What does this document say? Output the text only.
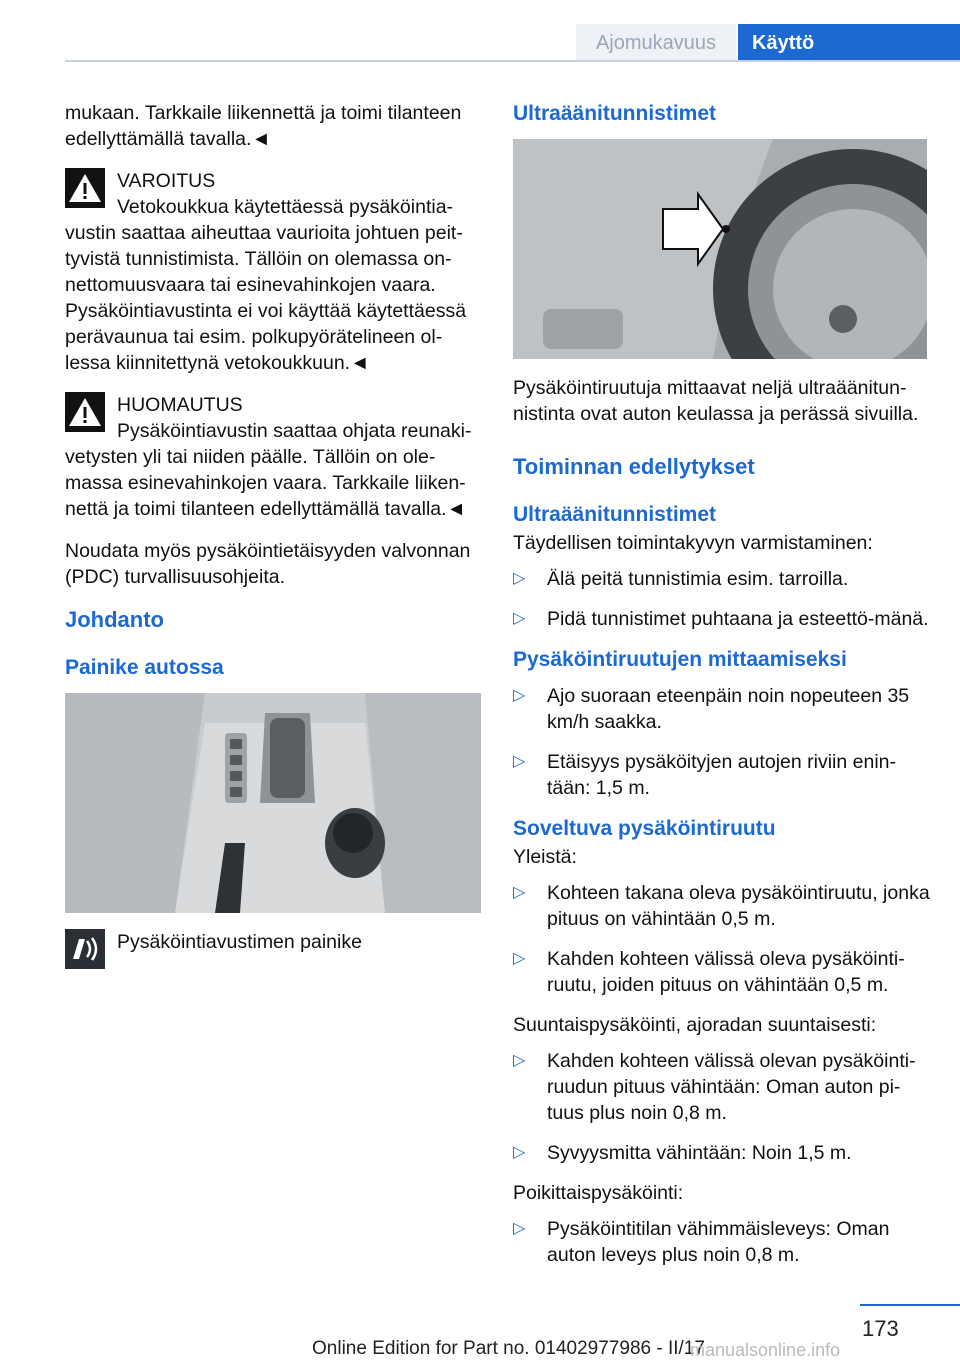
Ajomukavuus	Käyttö

mukaan. Tarkkaile liikennettä ja toimi tilanteen edellyttämällä tavalla.◄

VAROITUS
Vetokoukkua käytettäessä pysäköintia-vustin saattaa aiheuttaa vaurioita johtuen peit-tyvistä tunnistimista. Tällöin on olemassa on-nettomuusvaara tai esinevahinkojen vaara. Pysäköintiavustinta ei voi käyttää käytettäessä perävaunua tai esim. polkupyörätelineen ol-lessa kiinnitettynä vetokoukkuun.◄
HUOMAUTUS
Pysäköintiavustin saattaa ohjata reunaki-vetysten yli tai niiden päälle. Tällöin on ole-massa esinevahinkojen vaara. Tarkkaile liiken-nettä ja toimi tilanteen edellyttämällä tavalla.◄

Noudata myös pysäköintietäisyyden valvonnan (PDC) turvallisuusohjeita.

Johdanto
Painike autossa
Pysäköintiavustimen painike
Ultraäänitunnistimet

Pysäköintiruutuja mittaavat neljä ultraäänitun-nistinta ovat auton keulassa ja perässä sivuilla.

Toiminnan edellytykset
Ultraäänitunnistimet

Täydellisen toimintakyvyn varmistaminen:

▷ Älä peitä tunnistimia esim. tarroilla.
▷ Pidä tunnistimet puhtaana ja esteettö-mänä.
Pysäköintiruutujen mittaamiseksi
▷ Ajo suoraan eteenpäin noin nopeuteen 35 km/h saakka.
▷ Etäisyys pysäköityjen autojen riviin enin-tään: 1,5 m.
Soveltuva pysäköintiruutu

Yleistä:

▷ Kohteen takana oleva pysäköintiruutu, jonka pituus on vähintään 0,5 m.
▷ Kahden kohteen välissä oleva pysäköinti-ruutu, joiden pituus on vähintään 0,5 m.

Suuntaispysäköinti, ajoradan suuntaisesti:

▷ Kahden kohteen välissä olevan pysäköinti-ruudun pituus vähintään: Oman auton pi-tuus plus noin 0,8 m.
▷ Syvyysmitta vähintään: Noin 1,5 m.

Poikittaispysäköinti:

▷ Pysäköintitilan vähimmäisleveys: Oman auton leveys plus noin 0,8 m.
173
Online Edition for Part no. 01402977986 - II/17
manualsonline.info
